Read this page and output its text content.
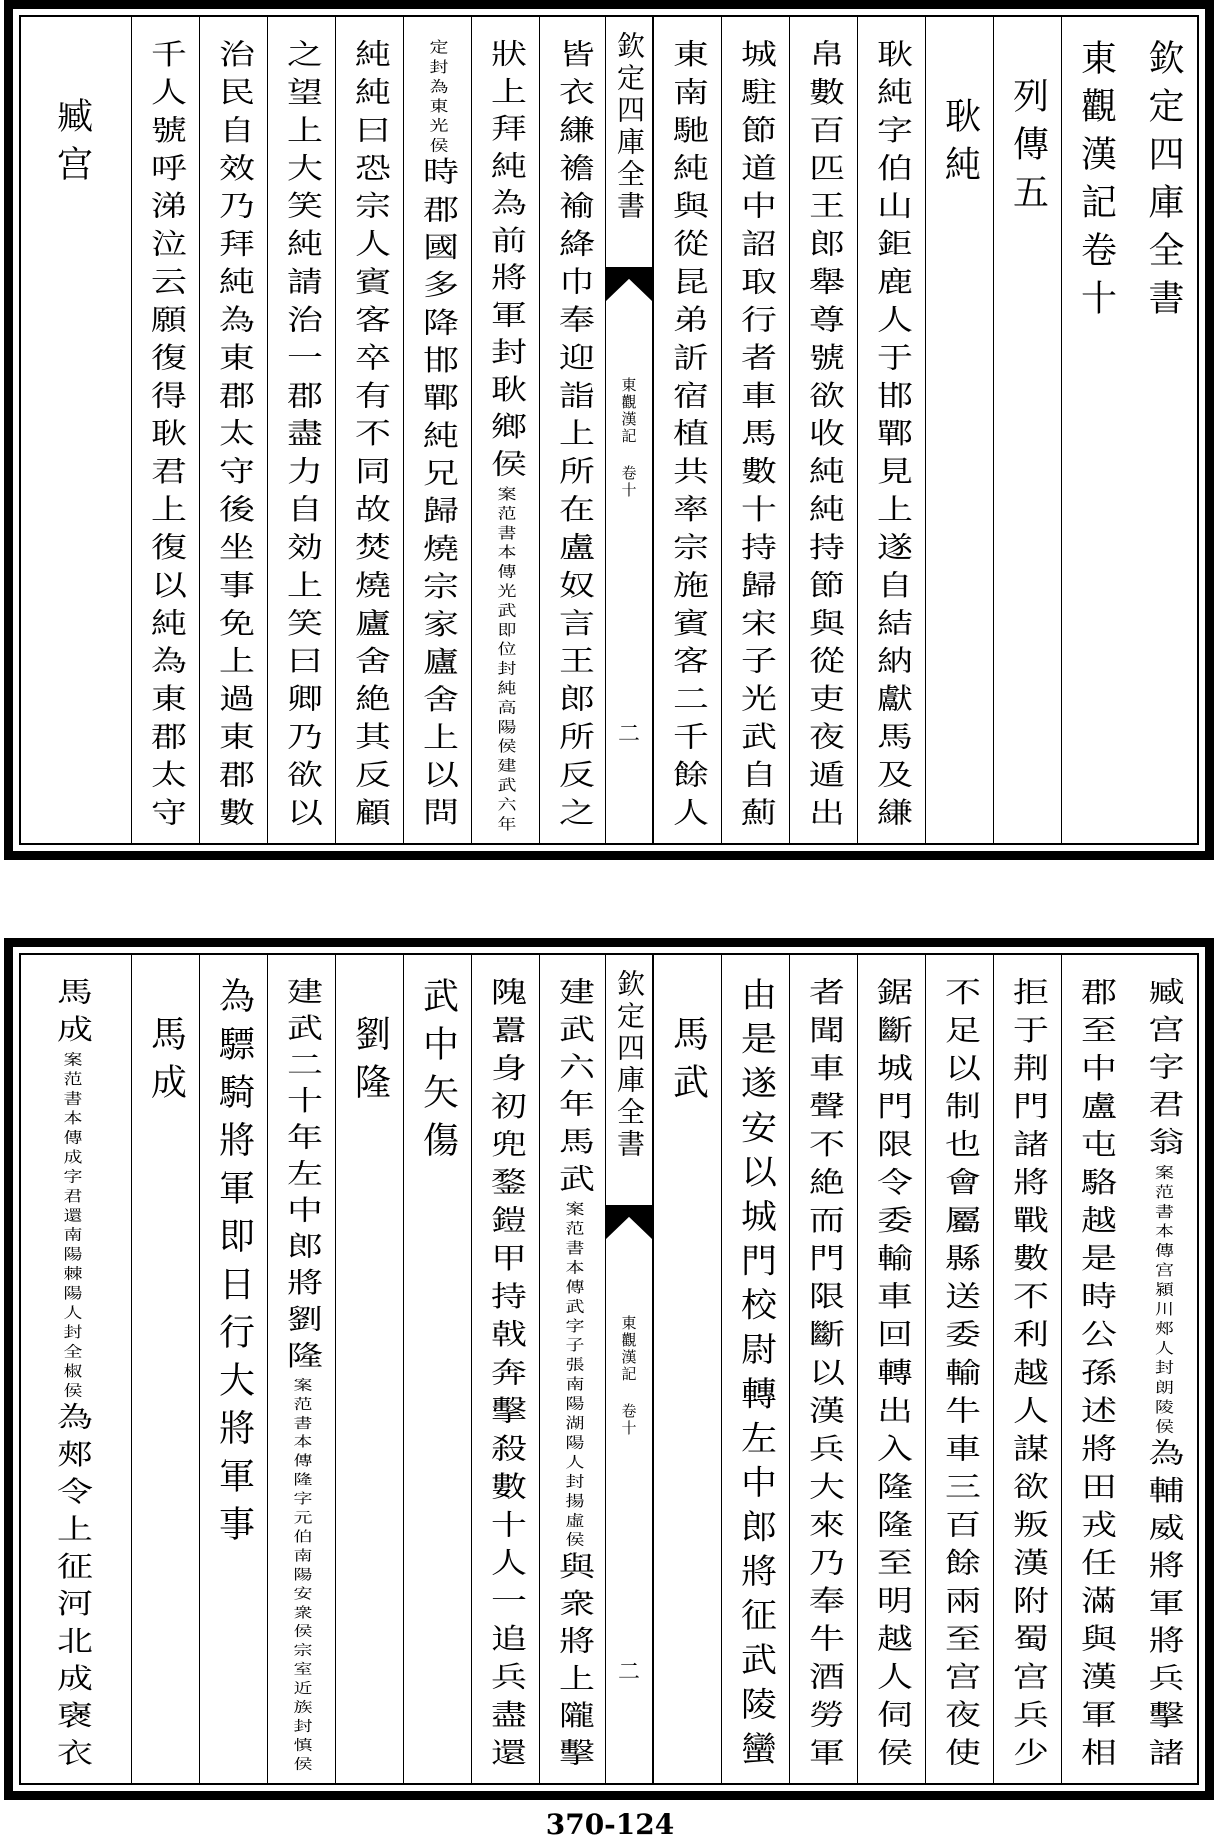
欽定四庫全書
東觀漢記卷十
列傳五
耿純
耿純字伯山鉅鹿人于邯鄲見上遂自結納獻馬及縑
帛數百匹王郎舉尊號欲收純純持節與從吏夜遁出
城駐節道中詔取行者車馬數十持歸宋子光武自薊
東南馳純與從昆弟訢宿植共率宗施賓客二千餘人
欽定四庫全書
東觀漢記 卷十
二
皆衣縑襜褕絳巾奉迎詣上所在盧奴言王郎所反之
狀上拜純為前將軍封耿鄉侯案范書本傳光武即位封純高陽侯建武六年
定封為東光侯時郡國多降邯鄲純兄歸燒宗家廬舍上以問
純純曰恐宗人賓客卒有不同故焚燒廬舍絶其反顧
之望上大笑純請治一郡盡力自効上笑曰卿乃欲以
治民自效乃拜純為東郡太守後坐事免上過東郡數
千人號呼涕泣云願復得耿君上復以純為東郡太守
臧宫
臧宫字君翁案范書本傳宫潁川郟人封朗陵侯為輔威將軍將兵擊諸
郡至中盧屯駱越是時公孫述將田戎任滿與漢軍相
拒于荆門諸將戰數不利越人謀欲叛漢附蜀宫兵少
不足以制也會屬縣送委輸牛車三百餘兩至宫夜使
鋸斷城門限令委輸車回轉出入隆隆至明越人伺侯
者聞車聲不絶而門限斷以漢兵大來乃奉牛酒勞軍
由是遂安以城門校尉轉左中郎將征武陵蠻
馬武
欽定四庫全書
東觀漢記 卷十
二
建武六年馬武案范書本傳武字子張南陽湖陽人封揚虛侯與衆將上隴擊
隗囂身初兜鍪鎧甲持戟奔擊殺數十人一追兵盡還
武中矢傷
劉隆
建武二十年左中郎將劉隆案范書本傳隆字元伯南陽安衆侯宗室近族封慎侯
為驃騎將軍即日行大將軍事
馬成
馬成案范書本傳成字君還南陽棘陽人封全椒侯為郟令上征河北成襃衣
370-124
